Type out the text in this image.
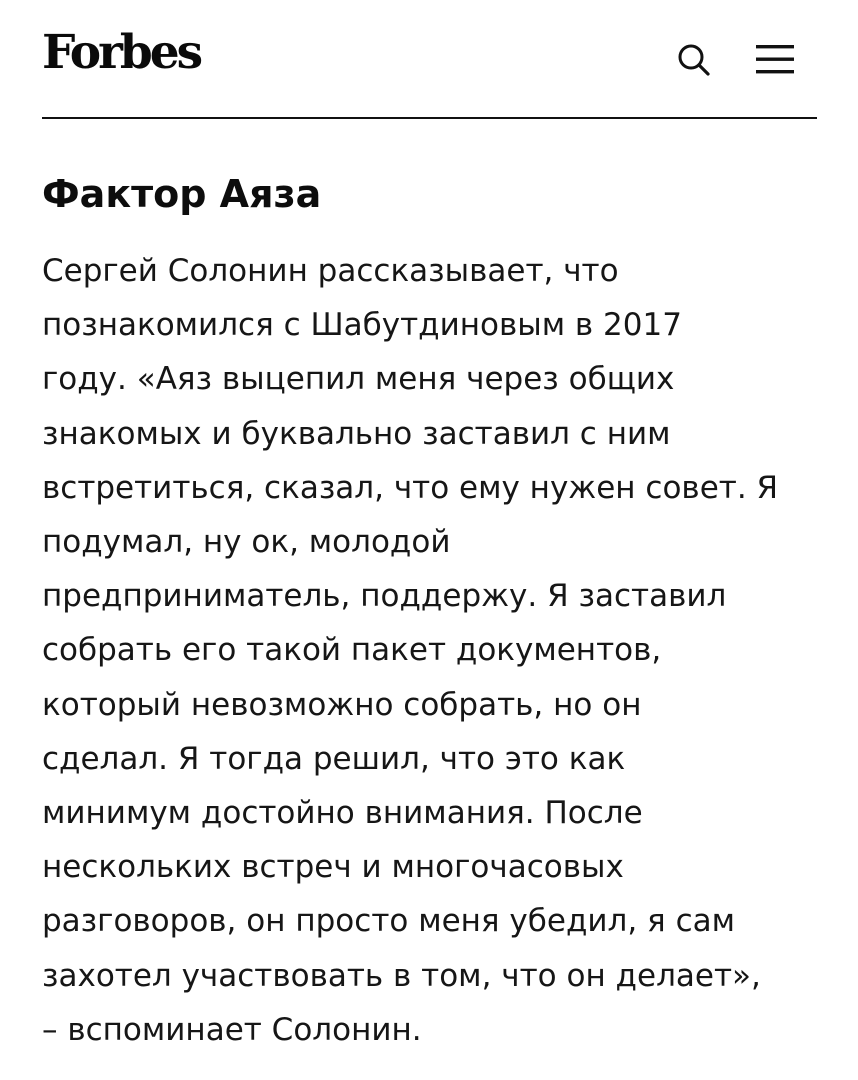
Forbes
Фактор Аяза

Сергей Солонин рассказывает, что
познакомился с Шабутдиновым в 2017
году. «Аяз выцепил меня через общих
знакомых и буквально заставил с ним
встретиться, сказал, что ему нужен совет. Я
подумал, ну ок, молодой
предприниматель, поддержу. Я заставил
собрать его такой пакет документов,
который невозможно собрать, но он
сделал. Я тогда решил, что это как
минимум достойно внимания. После
нескольких встреч и многочасовых
разговоров, он просто меня убедил, я сам
захотел участвовать в том, что он делает»,
– вспоминает Солонин.
